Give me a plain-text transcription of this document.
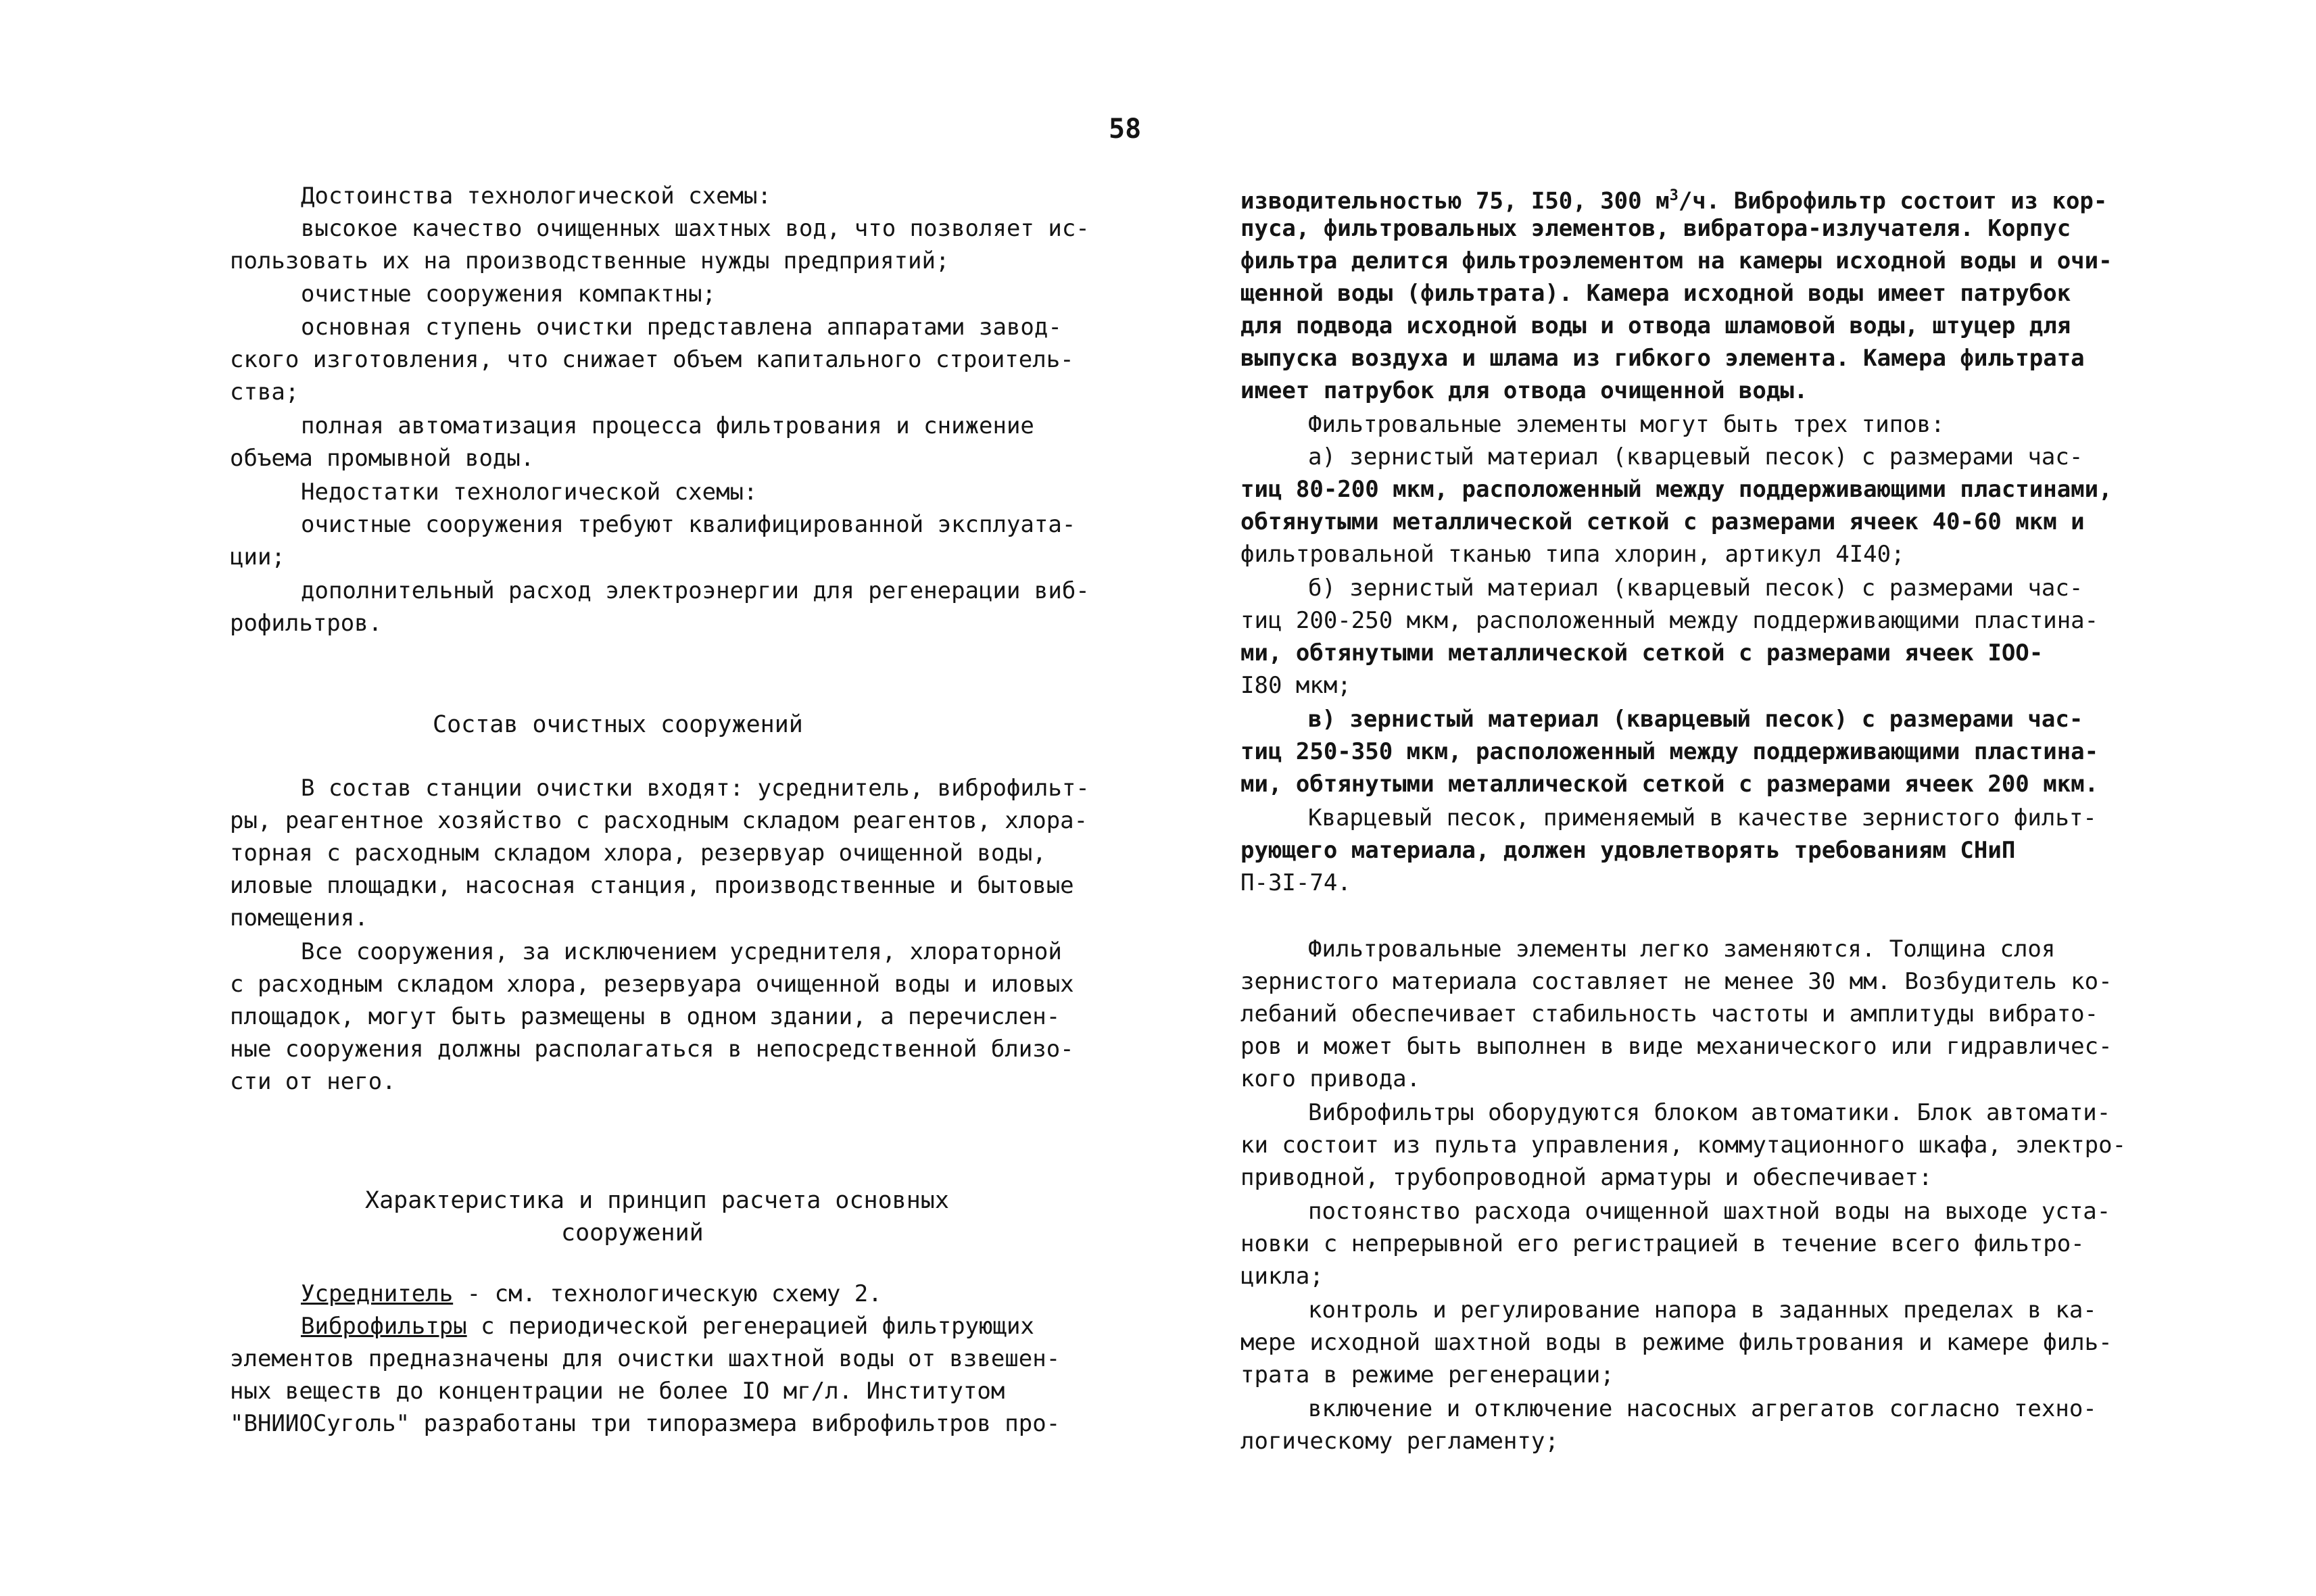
58
Усреднитель - см. технологическую схему 2.
Виброфильтры с периодической регенерацией фильтрующих
элементов предназначены для очистки шахтной воды от взвешен-
ных веществ до концентрации не более IO мг/л. Институтом
"ВНИИОСуголь" разработаны три типоразмера виброфильтров про-
Достоинства технологической схемы:
высокое качество очищенных шахтных вод, что позволяет ис-
пользовать их на производственные нужды предприятий;
очистные сооружения компактны;
основная ступень очистки представлена аппаратами завод-
ского изготовления, что снижает объем капитального строитель-
ства;
полная автоматизация процесса фильтрования и снижение
объема промывной воды.
Недостатки технологической схемы:
очистные сооружения требуют квалифицированной эксплуата-
ции;
дополнительный расход электроэнергии для регенерации виб-
рофильтров.
Состав очистных сооружений
В состав станции очистки входят: усреднитель, виброфильт-
ры, реагентное хозяйство с расходным складом реагентов, хлора-
торная с расходным складом хлора, резервуар очищенной воды,
иловые площадки, насосная станция, производственные и бытовые
помещения.
Все сооружения, за исключением усреднителя, хлораторной
с расходным складом хлора, резервуара очищенной воды и иловых
площадок, могут быть размещены в одном здании, а перечислен-
ные сооружения должны располагаться в непосредственной близо-
сти от него.
Характеристика и принцип расчета основных
сооружений
изводительностью 75, I50, 300 $м^3/ч$. Виброфильтр состоит из кор-
пуса, фильтровальных элементов, вибратора-излучателя. Корпус
фильтра делится фильтроэлементом на камеры исходной воды и очи-
щенной воды (фильтрата). Камера исходной воды имеет патрубок
для подвода исходной воды и отвода шламовой воды, штуцер для
выпуска воздуха и шлама из гибкого элемента. Камера фильтрата
имеет патрубок для отвода очищенной воды.
Фильтровальные элементы могут быть трех типов:
а) зернистый материал (кварцевый песок) с размерами час-
тиц 80-200 мкм, расположенный между поддерживающими пластинами,
обтянутыми металлической сеткой с размерами ячеек 40-60 мкм и
фильтровальной тканью типа хлорин, артикул 4I40;
б) зернистый материал (кварцевый песок) с размерами час-
тиц 200-250 мкм, расположенный между поддерживающими пластина-
ми, обтянутыми металлической сеткой с размерами ячеек IOO-
I80 мкм;
в) зернистый материал (кварцевый песок) с размерами час-
тиц 250-350 мкм, расположенный между поддерживающими пластина-
ми, обтянутыми металлической сеткой с размерами ячеек 200 мкм.
Кварцевый песок, применяемый в качестве зернистого фильт-
рующего материала, должен удовлетворять требованиям СНиП
П-3I-74.
Фильтровальные элементы легко заменяются. Толщина слоя
зернистого материала составляет не менее 30 мм. Возбудитель ко-
лебаний обеспечивает стабильность частоты и амплитуды вибрато-
ров и может быть выполнен в виде механического или гидравличес-
кого привода.
Виброфильтры оборудуются блоком автоматики. Блок автомати-
ки состоит из пульта управления, коммутационного шкафа, электро-
приводной, трубопроводной арматуры и обеспечивает:
постоянство расхода очищенной шахтной воды на выходе уста-
новки с непрерывной его регистрацией в течение всего фильтро-
цикла;
контроль и регулирование напора в заданных пределах в ка-
мере исходной шахтной воды в режиме фильтрования и камере филь-
трата в режиме регенерации;
включение и отключение насосных агрегатов согласно техно-
логическому регламенту;
